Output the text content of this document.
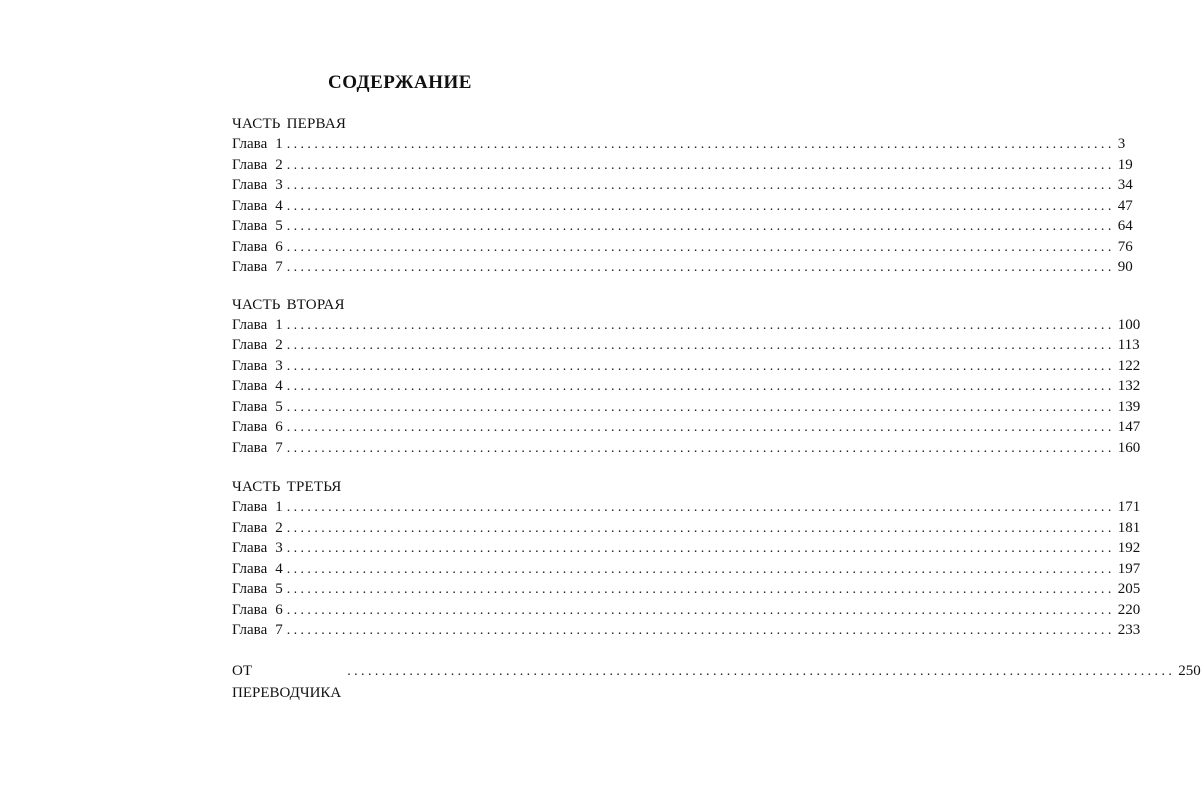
СОДЕРЖАНИЕ
ЧАСТЬ ПЕРВАЯ
Глава 1 ........................................................................................................................ 3
Глава 2 ........................................................................................................................ 19
Глава 3 ........................................................................................................................ 34
Глава 4 ........................................................................................................................ 47
Глава 5 ........................................................................................................................ 64
Глава 6 ........................................................................................................................ 76
Глава 7 ........................................................................................................................ 90
ЧАСТЬ ВТОРАЯ
Глава 1 ........................................................................................................................ 100
Глава 2 ........................................................................................................................ 113
Глава 3 ........................................................................................................................ 122
Глава 4 ........................................................................................................................ 132
Глава 5 ........................................................................................................................ 139
Глава 6 ........................................................................................................................ 147
Глава 7 ........................................................................................................................ 160
ЧАСТЬ ТРЕТЬЯ
Глава 1 ........................................................................................................................ 171
Глава 2 ........................................................................................................................ 181
Глава 3 ........................................................................................................................ 192
Глава 4 ........................................................................................................................ 197
Глава 5 ........................................................................................................................ 205
Глава 6 ........................................................................................................................ 220
Глава 7 ........................................................................................................................ 233
ОТ ПЕРЕВОДЧИКА
........................................................................................................................ 250
